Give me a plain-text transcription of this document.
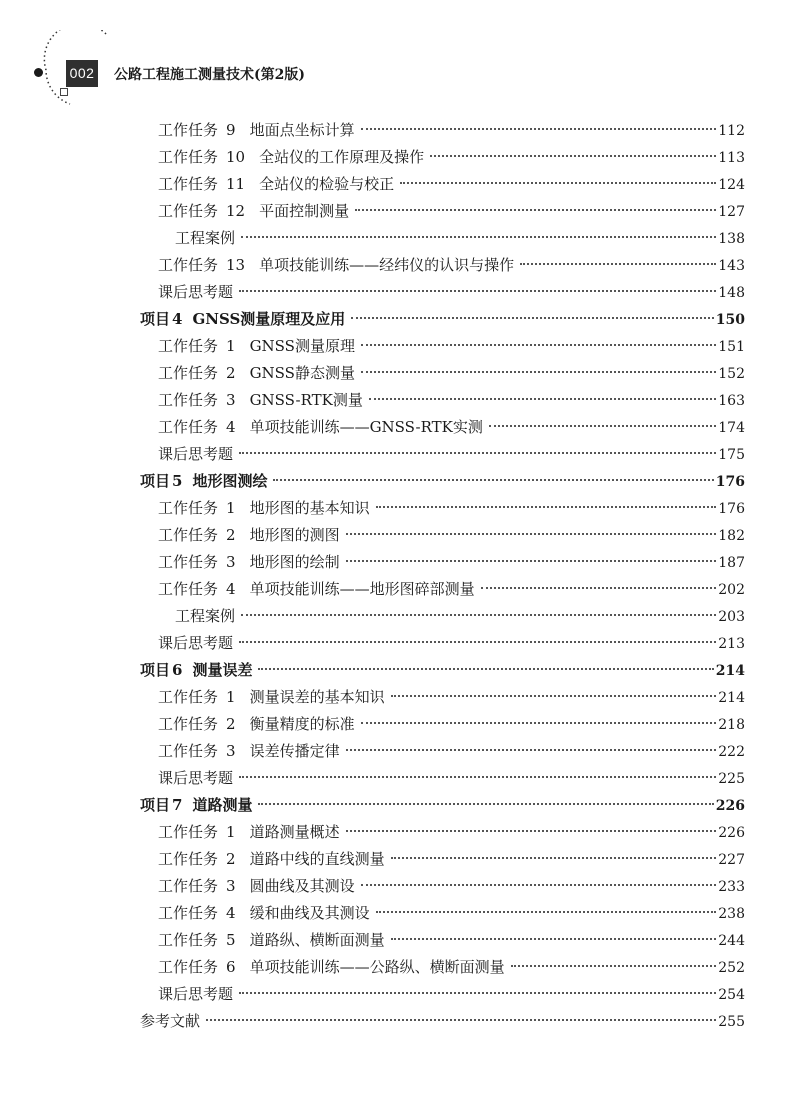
002 公路工程施工测量技术(第2版)
工作任务 9 地面点坐标计算	112
工作任务 10 全站仪的工作原理及操作	113
工作任务 11 全站仪的检验与校正	124
工作任务 12 平面控制测量	127
工程案例	138
工作任务 13 单项技能训练——经纬仪的认识与操作	143
课后思考题	148
项目 4 GNSS测量原理及应用	150
工作任务 1 GNSS测量原理	151
工作任务 2 GNSS静态测量	152
工作任务 3 GNSS-RTK测量	163
工作任务 4 单项技能训练——GNSS-RTK实测	174
课后思考题	175
项目 5 地形图测绘	176
工作任务 1 地形图的基本知识	176
工作任务 2 地形图的测图	182
工作任务 3 地形图的绘制	187
工作任务 4 单项技能训练——地形图碎部测量	202
工程案例	203
课后思考题	213
项目 6 测量误差	214
工作任务 1 测量误差的基本知识	214
工作任务 2 衡量精度的标准	218
工作任务 3 误差传播定律	222
课后思考题	225
项目 7 道路测量	226
工作任务 1 道路测量概述	226
工作任务 2 道路中线的直线测量	227
工作任务 3 圆曲线及其测设	233
工作任务 4 缓和曲线及其测设	238
工作任务 5 道路纵、横断面测量	244
工作任务 6 单项技能训练——公路纵、横断面测量	252
课后思考题	254
参考文献	255
